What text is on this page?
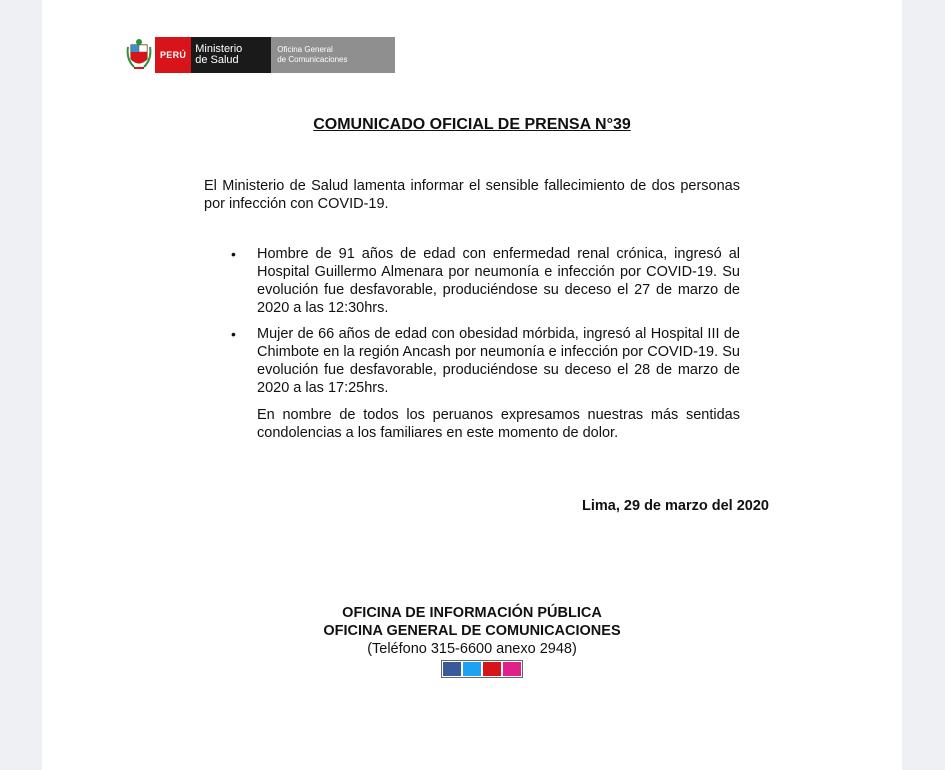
PERÚ Ministerio
de Salud
Oficina General
de Comunicaciones
COMUNICADO OFICIAL DE PRENSA N°39
El Ministerio de Salud lamenta informar el sensible fallecimiento de dos personas por infección con COVID-19.
• Hombre de 91 años de edad con enfermedad renal crónica, ingresó al Hospital Guillermo Almenara por neumonía e infección por COVID-19. Su evolución fue desfavorable, produciéndose su deceso el 27 de marzo de 2020 a las 12:30hrs.
• Mujer de 66 años de edad con obesidad mórbida, ingresó al Hospital III de Chimbote en la región Ancash por neumonía e infección por COVID-19. Su evolución fue desfavorable, produciéndose su deceso el 28 de marzo de 2020 a las 17:25hrs.
En nombre de todos los peruanos expresamos nuestras más sentidas condolencias a los familiares en este momento de dolor.
Lima, 29 de marzo del 2020
OFICINA DE INFORMACIÓN PÚBLICA
OFICINA GENERAL DE COMUNICACIONES
(Teléfono 315-6600 anexo 2948)
